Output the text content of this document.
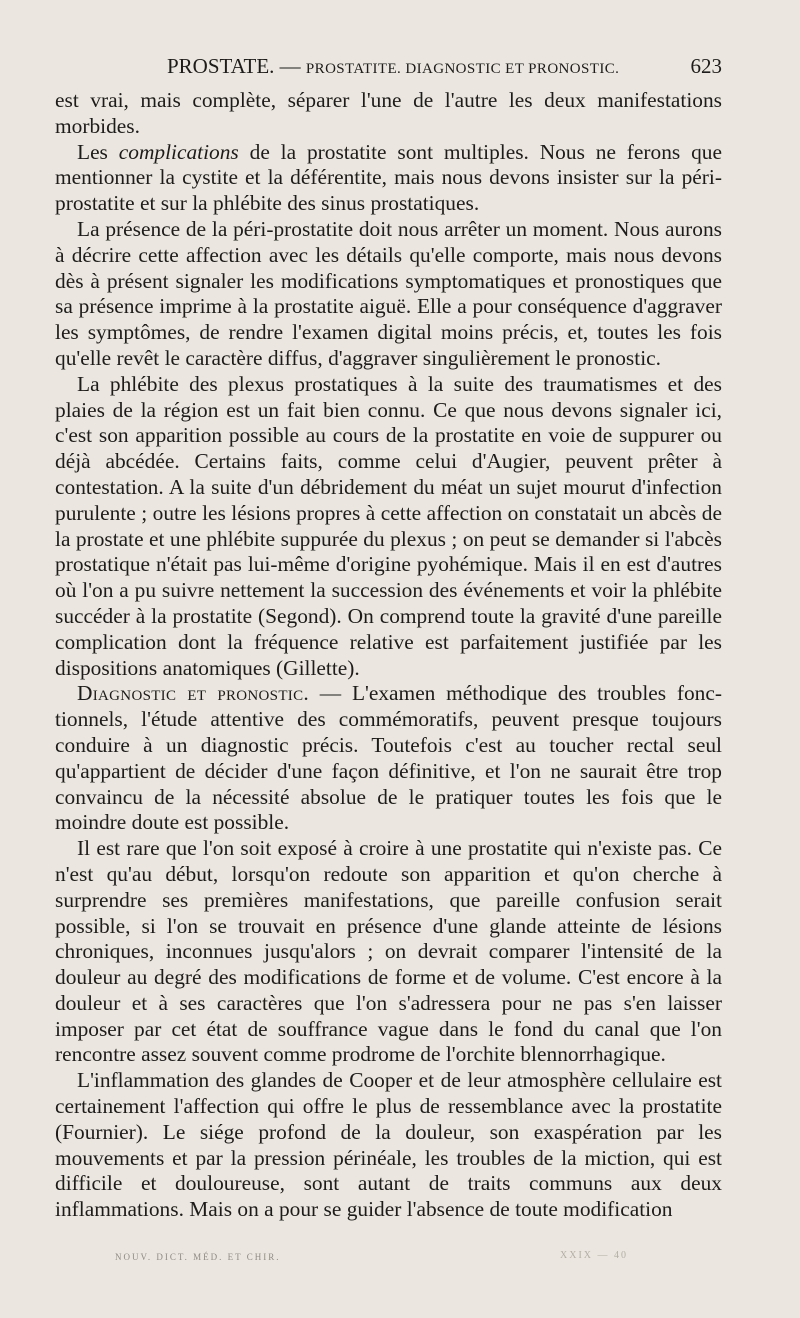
PROSTATE. — PROSTATITE. DIAGNOSTIC ET PRONOSTIC.	623

est vrai, mais complète, séparer l'une de l'autre les deux manifestations morbides.

Les complications de la prostatite sont multiples. Nous ne ferons que mentionner la cystite et la déférentite, mais nous devons insister sur la péri-prostatite et sur la phlébite des sinus prostatiques.

La présence de la péri-prostatite doit nous arrêter un moment. Nous aurons à décrire cette affection avec les détails qu'elle comporte, mais nous devons dès à présent signaler les modifications symptomatiques et pronostiques que sa présence imprime à la prostatite aiguë. Elle a pour conséquence d'aggraver les symptômes, de rendre l'examen digital moins précis, et, toutes les fois qu'elle revêt le caractère diffus, d'aggraver singulièrement le pronostic.

La phlébite des plexus prostatiques à la suite des traumatismes et des plaies de la région est un fait bien connu. Ce que nous devons signaler ici, c'est son apparition possible au cours de la prostatite en voie de suppurer ou déjà abcédée. Certains faits, comme celui d'Augier, peuvent prêter à contestation. A la suite d'un débridement du méat un sujet mourut d'infection purulente ; outre les lésions propres à cette affection on constatait un abcès de la prostate et une phlébite suppurée du plexus ; on peut se demander si l'abcès prostatique n'était pas lui-même d'origine pyohémique. Mais il en est d'autres où l'on a pu suivre nettement la succession des événements et voir la phlébite succéder à la prostatite (Segond). On comprend toute la gravité d'une pareille complication dont la fréquence relative est parfaitement justifiée par les dispositions anatomiques (Gillette).

Diagnostic et pronostic. — L'examen méthodique des troubles fonctionnels, l'étude attentive des commémoratifs, peuvent presque toujours conduire à un diagnostic précis. Toutefois c'est au toucher rectal seul qu'appartient de décider d'une façon définitive, et l'on ne saurait être trop convaincu de la nécessité absolue de le pratiquer toutes les fois que le moindre doute est possible.

Il est rare que l'on soit exposé à croire à une prostatite qui n'existe pas. Ce n'est qu'au début, lorsqu'on redoute son apparition et qu'on cherche à surprendre ses premières manifestations, que pareille confusion serait possible, si l'on se trouvait en présence d'une glande atteinte de lésions chroniques, inconnues jusqu'alors ; on devrait comparer l'intensité de la douleur au degré des modifications de forme et de volume. C'est encore à la douleur et à ses caractères que l'on s'adressera pour ne pas s'en laisser imposer par cet état de souffrance vague dans le fond du canal que l'on rencontre assez souvent comme prodrome de l'orchite blennorrhagique.

L'inflammation des glandes de Cooper et de leur atmosphère cellulaire est certainement l'affection qui offre le plus de ressemblance avec la prostatite (Fournier). Le siége profond de la douleur, son exaspération par les mouvements et par la pression périnéale, les troubles de la miction, qui est difficile et douloureuse, sont autant de traits communs aux deux inflammations. Mais on a pour se guider l'absence de toute modification

NOUV. DICT. MÉD. ET CHIR.	XXIX — 40
